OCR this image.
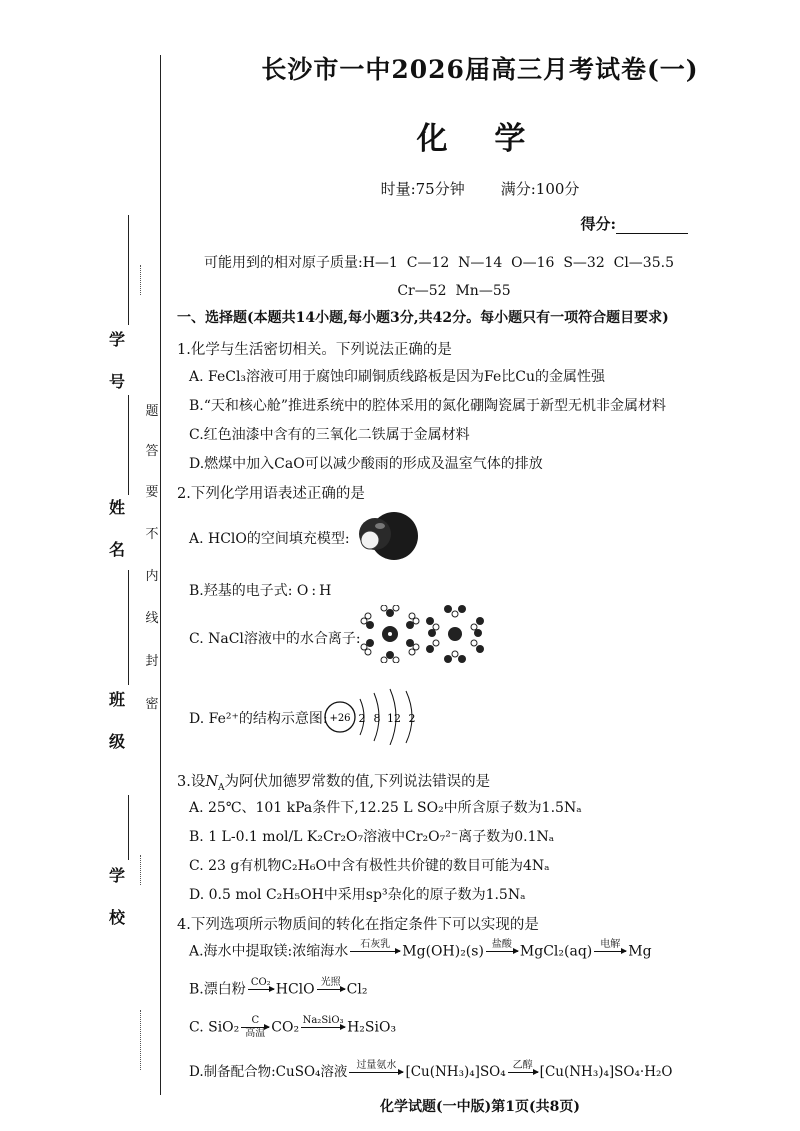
学

号
姓

名
班

级
学

校
题
答
要
不
内
线
封
密
长沙市一中2026届高三月考试卷(一)
化 学
时量:75分钟 满分:100分
得分:
可能用到的相对原子质量:H—1  C—12  N—14  O—16  S—32  Cl—35.5
Cr—52  Mn—55
一、选择题(本题共14小题,每小题3分,共42分。每小题只有一项符合题目要求)
1.化学与生活密切相关。下列说法正确的是
A. FeCl₃溶液可用于腐蚀印刷铜质线路板是因为Fe比Cu的金属性强
B.“天和核心舱”推进系统中的腔体采用的氮化硼陶瓷属于新型无机非金属材料
C.红色油漆中含有的三氧化二铁属于金属材料
D.燃煤中加入CaO可以减少酸雨的形成及温室气体的排放
2.下列化学用语表述正确的是
A. HClO的空间填充模型:
B.羟基的电子式: O:H
C. NaCl溶液中的水合离子:
D. Fe²⁺的结构示意图: +26 2 8 12 2
3.设$N_A$为阿伏加德罗常数的值,下列说法错误的是
A. 25℃、101 kPa条件下,12.25 L SO₂中所含原子数为1.5Nₐ
B. 1 L-0.1 mol/L K₂Cr₂O₇溶液中Cr₂O₇²⁻离子数为0.1Nₐ
C. 23 g有机物C₂H₆O中含有极性共价键的数目可能为4Nₐ
D. 0.5 mol C₂H₅OH中采用sp³杂化的原子数为1.5Nₐ
4.下列选项所示物质间的转化在指定条件下可以实现的是
A.海水中提取镁:浓缩海水	石灰乳 Mg(OH)₂(s) 盐酸 MgCl₂(aq) 电解 Mg
B.漂白粉 CO₂ HClO 光照 Cl₂
C. SiO₂	C
高温 CO₂ Na₂SiO₃ H₂SiO₃
D.制备配合物:CuSO₄溶液 过量氨水 [Cu(NH₃)₄]SO₄ 乙醇 [Cu(NH₃)₄]SO₄·H₂O
化学试题(一中版)第1页(共8页)
